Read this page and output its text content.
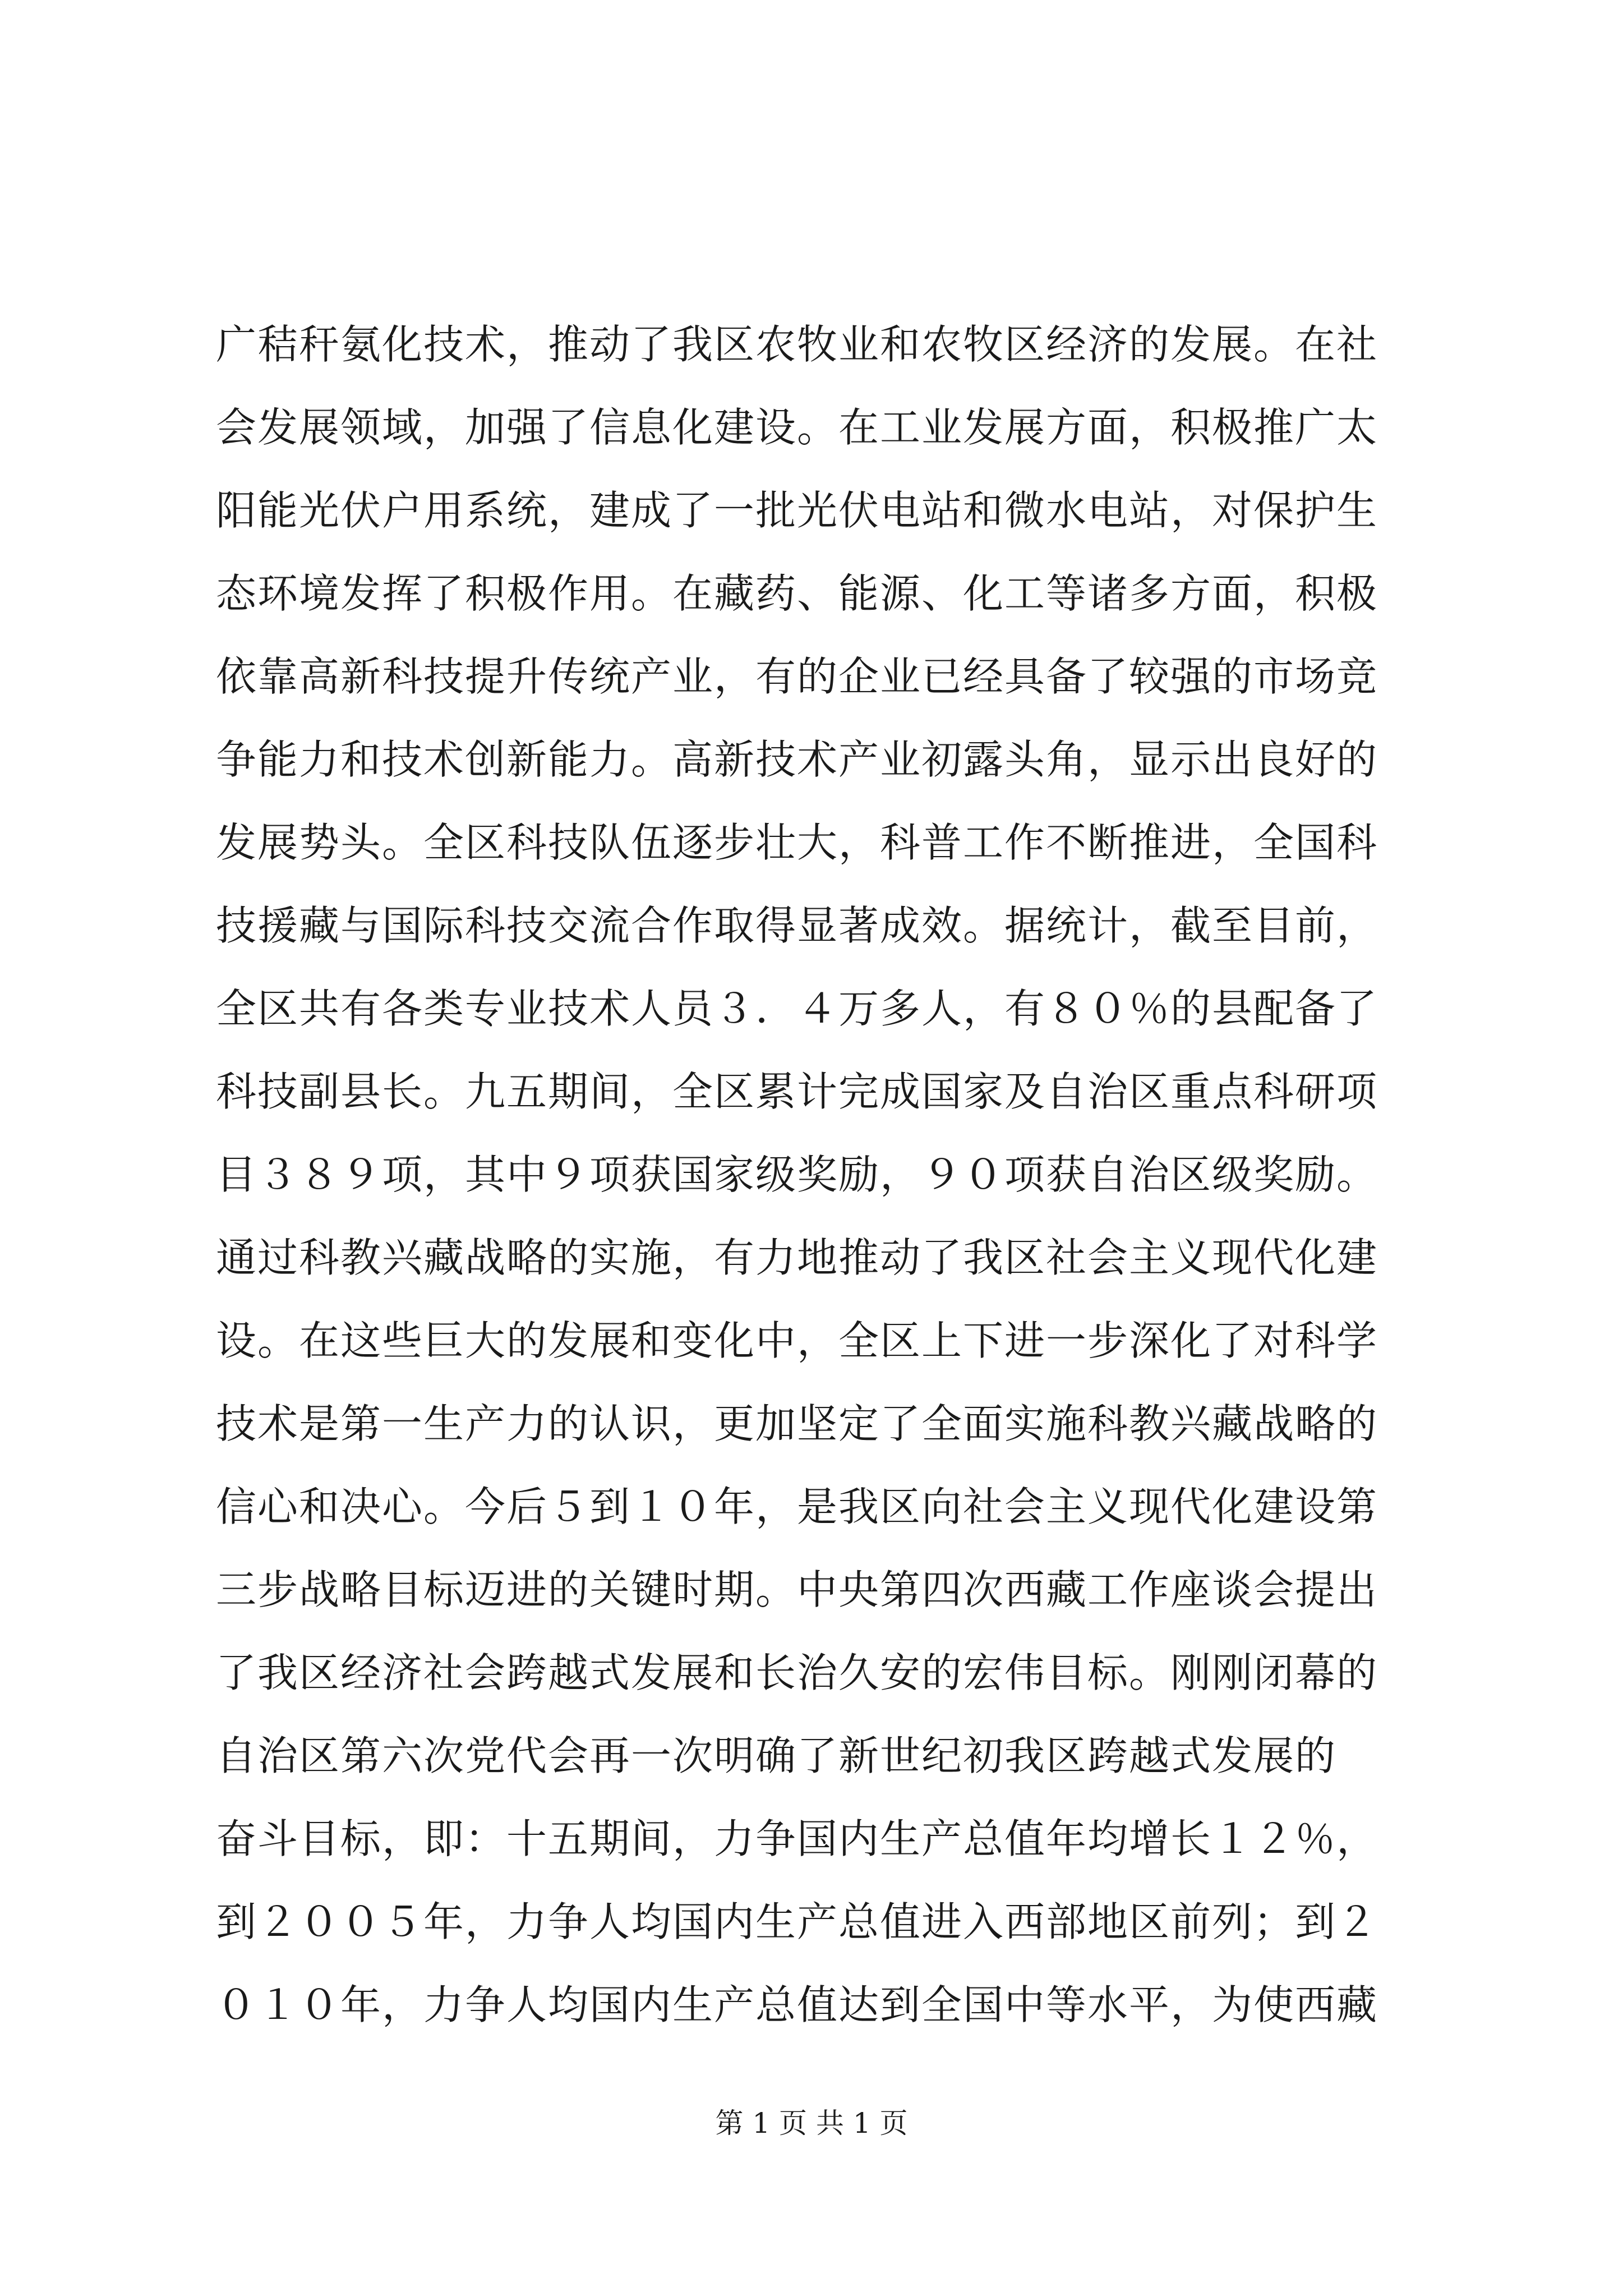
广秸秆氨化技术，推动了我区农牧业和农牧区经济的发展。在社
会发展领域，加强了信息化建设。在工业发展方面，积极推广太
阳能光伏户用系统，建成了一批光伏电站和微水电站，对保护生
态环境发挥了积极作用。在藏药、能源、化工等诸多方面，积极
依靠高新科技提升传统产业，有的企业已经具备了较强的市场竞
争能力和技术创新能力。高新技术产业初露头角，显示出良好的
发展势头。全区科技队伍逐步壮大，科普工作不断推进，全国科
技援藏与国际科技交流合作取得显著成效。据统计，截至目前，
全区共有各类专业技术人员３．４万多人，有８０％的县配备了
科技副县长。九五期间，全区累计完成国家及自治区重点科研项
目３８９项，其中９项获国家级奖励，９０项获自治区级奖励。
通过科教兴藏战略的实施，有力地推动了我区社会主义现代化建
设。在这些巨大的发展和变化中，全区上下进一步深化了对科学
技术是第一生产力的认识，更加坚定了全面实施科教兴藏战略的
信心和决心。今后５到１０年，是我区向社会主义现代化建设第
三步战略目标迈进的关键时期。中央第四次西藏工作座谈会提出
了我区经济社会跨越式发展和长治久安的宏伟目标。刚刚闭幕的
自治区第六次党代会再一次明确了新世纪初我区跨越式发展的
奋斗目标，即：十五期间，力争国内生产总值年均增长１２％，
到２００５年，力争人均国内生产总值进入西部地区前列；到２
０１０年，力争人均国内生产总值达到全国中等水平，为使西藏
第 1 页 共 1 页
